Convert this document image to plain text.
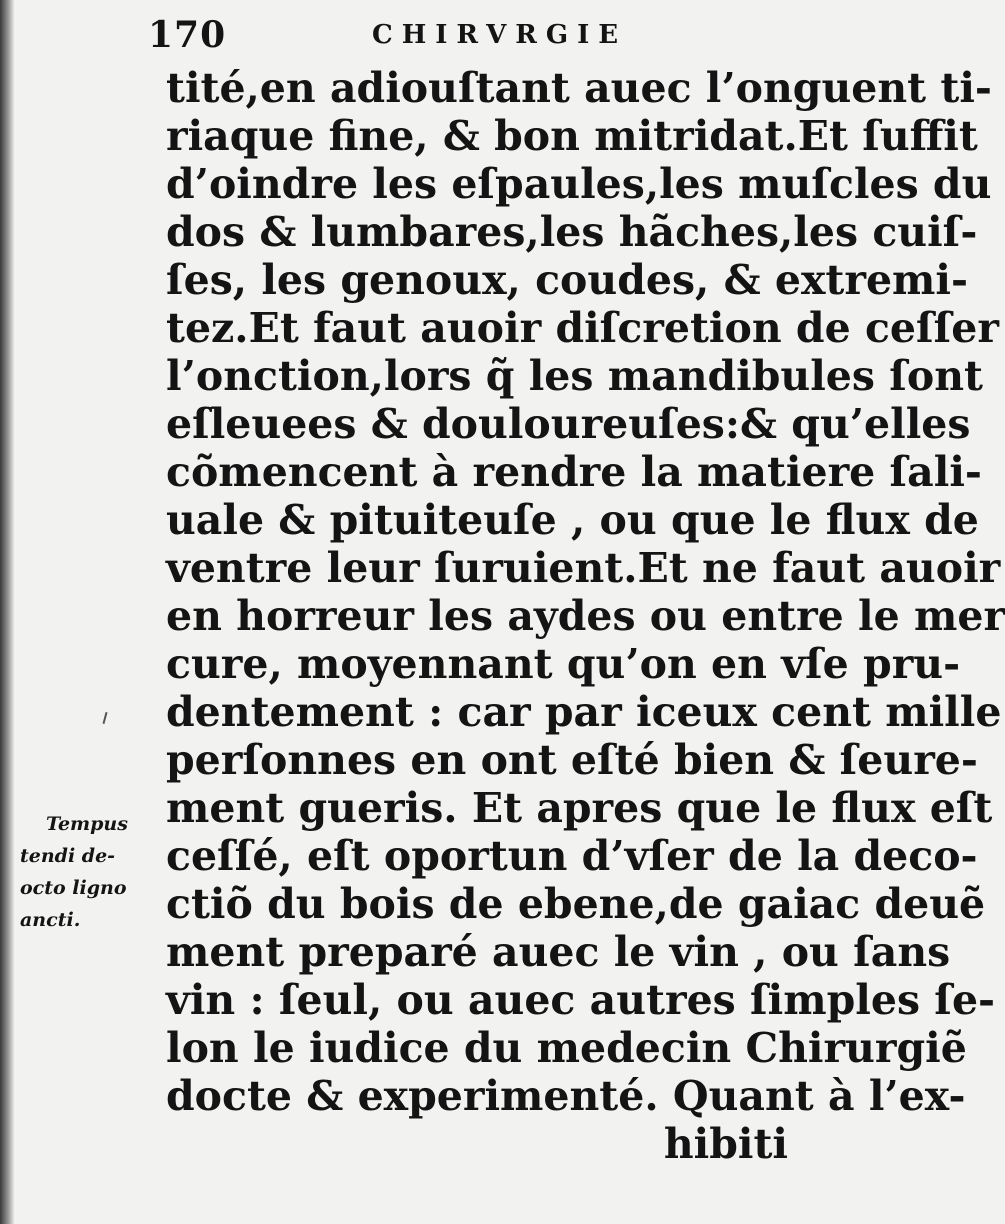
170	CHIRVRGIE
tité,en adiouſtant auec l’onguent ti-
riaque fine, & bon mitridat.Et ſuffit
d’oindre les eſpaules,les muſcles du
dos & lumbares,les hãches,les cuiſ-
ſes, les genoux, coudes, & extremi-
tez.Et faut auoir diſcretion de ceſſer
l’onction,lors q̃ les mandibules ſont
eſleuees & douloureuſes:& qu’elles
cõmencent à rendre la matiere ſali-
uale & pituiteuſe , ou que le flux de
ventre leur ſuruient.Et ne faut auoir
en horreur les aydes ou entre le mer
cure, moyennant qu’on en vſe pru-
dentement : car par iceux cent mille
perſonnes en ont eſté bien & ſeure-
ment gueris. Et apres que le flux eſt
ceſſé, eſt oportun d’vſer de la deco-
ctiõ du bois de ebene,de gaiac deuẽ
ment preparé auec le vin , ou ſans
vin : ſeul, ou auec autres ſimples ſe-
lon le iudice du medecin Chirurgiẽ
docte & experimenté. Quant à l’ex-
hibiti
Tempus
tendi de-
octo ligno
ancti.
